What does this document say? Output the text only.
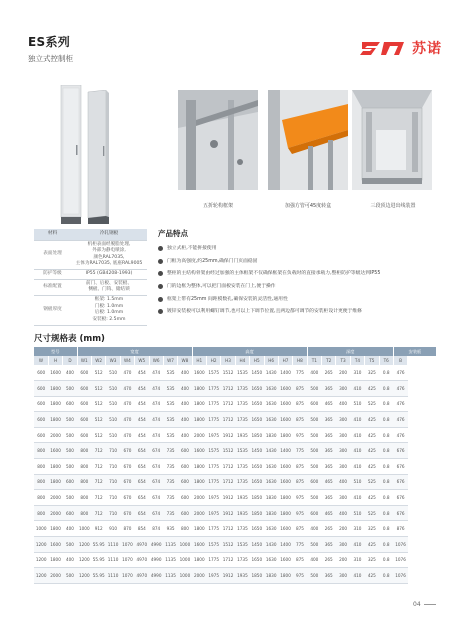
ES系列
独立式控制柜
苏诺
五折轮构框架	加强方管可45度转盒	三段顶边进出线装置
材料	冷轧钢板
表面处理	机柜表面经脱脂处理,
外部为静电喷涂,
颜色RAL7035,
主体为RAL7035, 底座RAL9005

防护等级	IP55 (GB4208-1993)

标准配置	前门、后板、安装板、
侧板、门钩、储结锁

钢板厚度	框架: 1.5mm
门板: 1.0mm
后板: 1.0mm
安装板: 2.5mm
产品特点
独立式柜,不能拼接使用
门框为高强度,约25mm,确保门门页面稳固
整柜的主结构骨架由经过加强的主体框架不仅确保框架在负载时的直接承载力,整柜防护等级达到IP55
门的边框为整体,可以把门面板安装在门上,便于操作
框架上带有25mm 间距模数孔,确保安装的灵活性,通用性
镀锌安装板可以利用螺钉调节,也可以上下调节位置,且两边都可调节的安装柜设计更便于维修
尺寸规格表 (mm)
型号			宽度								高度								深度						安装板
W	H	D	W1	W2	W3	W4	W5	W6	W7	W8	H1	H2	H3	H4	H5	H6	H7	H8	T1	T2	T3	T4	T5	T6	B
600	1600	400	600	512	510	470	454	474	535	400	1600	1575	1512	1535	1450	1430	1400	775	400	265	200	310	325	0.8	476
600	1800	500	600	512	510	470	454	474	535	400	1800	1775	1712	1735	1650	1630	1600	875	500	365	300	410	425	0.8	476
600	1800	600	600	512	510	470	454	474	535	400	1800	1775	1712	1735	1650	1630	1600	875	600	465	400	510	525	0.8	476
600	1800	500	600	512	510	470	454	474	535	400	1800	1775	1712	1735	1650	1630	1600	875	500	365	300	410	425	0.8	476
600	2000	500	600	512	510	470	454	474	535	400	2000	1975	1912	1935	1850	1830	1800	975	500	365	300	410	425	0.8	476
800	1600	500	800	712	710	670	654	674	735	600	1600	1575	1512	1535	1450	1430	1400	775	500	365	300	410	425	0.8	676
800	1800	500	800	712	710	670	654	674	735	600	1800	1775	1712	1735	1650	1630	1600	875	500	365	300	410	425	0.8	676
800	1800	600	800	712	710	670	654	674	735	600	1800	1775	1712	1735	1650	1630	1600	875	600	465	400	510	525	0.8	676
800	2000	500	800	712	710	670	654	674	735	600	2000	1975	1912	1935	1850	1830	1800	975	500	365	300	410	425	0.8	676
800	2000	600	800	712	710	670	654	674	735	600	2000	1975	1912	1935	1850	1830	1800	975	600	465	400	510	525	0.8	676
1000	1800	400	1000	912	910	870	854	874	935	800	1800	1775	1712	1735	1650	1630	1600	875	400	265	200	310	325	0.8	876
1200	1600	500	1200	55.95	1110	1070	4970	4990	1135	1000	1600	1575	1512	1535	1450	1430	1400	775	500	365	300	410	425	0.8	1076
1200	1800	400	1200	55.95	1110	1070	4970	4990	1135	1000	1800	1775	1712	1735	1650	1630	1600	875	400	265	200	310	325	0.8	1076
1200	2000	500	1200	55.95	1110	1070	4970	4990	1135	1000	2000	1975	1912	1935	1850	1830	1800	975	500	365	300	410	425	0.8	1076
04
